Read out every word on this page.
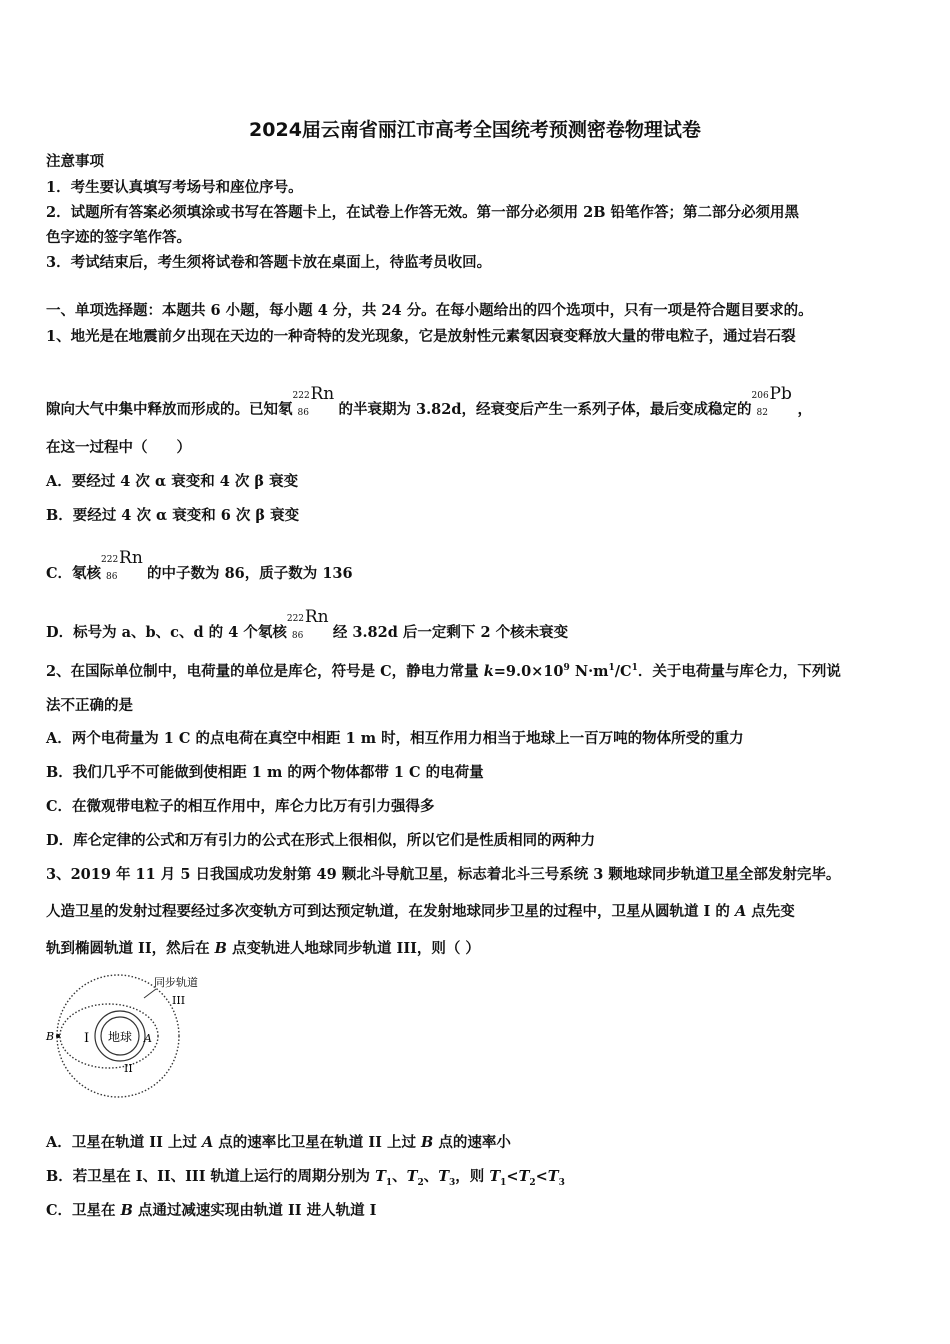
2024届云南省丽江市高考全国统考预测密卷物理试卷
注意事项
1．考生要认真填写考场号和座位序号。
2．试题所有答案必须填涂或书写在答题卡上，在试卷上作答无效。第一部分必须用 2B 铅笔作答；第二部分必须用黑
色字迹的签字笔作答。
3．考试结束后，考生须将试卷和答题卡放在桌面上，待监考员收回。
一、单项选择题：本题共 6 小题，每小题 4 分，共 24 分。在每小题给出的四个选项中，只有一项是符合题目要求的。
1、地光是在地震前夕出现在天边的一种奇特的发光现象，它是放射性元素氡因衰变释放大量的带电粒子，通过岩石裂
隙向大气中集中释放而形成的。已知氡
222
86
Rn
的半衰期为 3.82d，经衰变后产生一系列子体，最后变成稳定的
206
82
Pb
，
在这一过程中（　　）
A．要经过 4 次 α 衰变和 4 次 β 衰变
B．要经过 4 次 α 衰变和 6 次 β 衰变
C．氡核
222
86
Rn
的中子数为 86，质子数为 136
D．标号为 a、b、c、d 的 4 个氡核
222
86
Rn
经 3.82d 后一定剩下 2 个核未衰变
2、在国际单位制中，电荷量的单位是库仑，符号是 C，静电力常量 $k=9.0\times 10^9$ $N\cdot m^1/C^1$．关于电荷量与库仑力，下列说
法不正确的是
A．两个电荷量为 1 C 的点电荷在真空中相距 1 m 时，相互作用力相当于地球上一百万吨的物体所受的重力
B．我们几乎不可能做到使相距 1 m 的两个物体都带 1 C 的电荷量
C．在微观带电粒子的相互作用中，库仑力比万有引力强得多
D．库仑定律的公式和万有引力的公式在形式上很相似，所以它们是性质相同的两种力
3、2019 年 11 月 5 日我国成功发射第 49 颗北斗导航卫星，标志着北斗三号系统 3 颗地球同步轨道卫星全部发射完毕。
人造卫星的发射过程要经过多次变轨方可到达预定轨道，在发射地球同步卫星的过程中，卫星从圆轨道 I 的 A 点先变
轨到椭圆轨道 II，然后在 B 点变轨进人地球同步轨道 III，则（ ）
地球
I
II
III
同步轨道
A
B
A．卫星在轨道 II 上过 A 点的速率比卫星在轨道 II 上过 B 点的速率小
B．若卫星在 I、II、III 轨道上运行的周期分别为 $T_1$、$T_2$、$T_3$，则 $T_1<T_2<T_3$
C．卫星在 B 点通过减速实现由轨道 II 进人轨道 I
